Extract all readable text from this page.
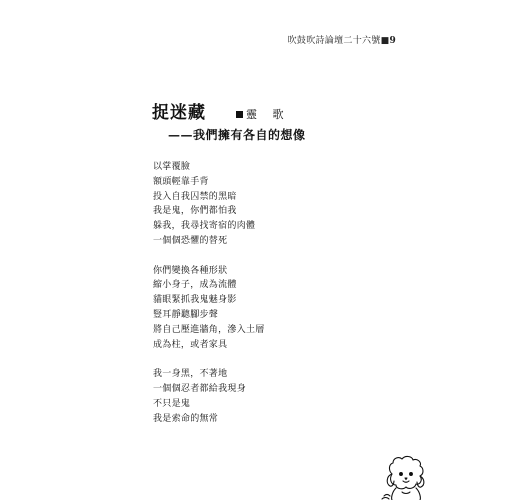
吹鼓吹詩論壇二十六號■9
捉迷藏	靈 歌
——我們擁有各自的想像
以掌覆臉
額頭輕靠手背
投入自我囚禁的黑暗
我是鬼，你們都怕我
躲我，我尋找寄宿的肉體
一個個恐懼的替死
你們變換各種形狀
縮小身子，成為流體
貓眼緊抓我鬼魅身影
豎耳靜聽腳步聲
將自己壓進牆角，滲入土層
成為柱，或者家具
我一身黑，不著地
一個個忍者都給我現身
不只是鬼
我是索命的無常
